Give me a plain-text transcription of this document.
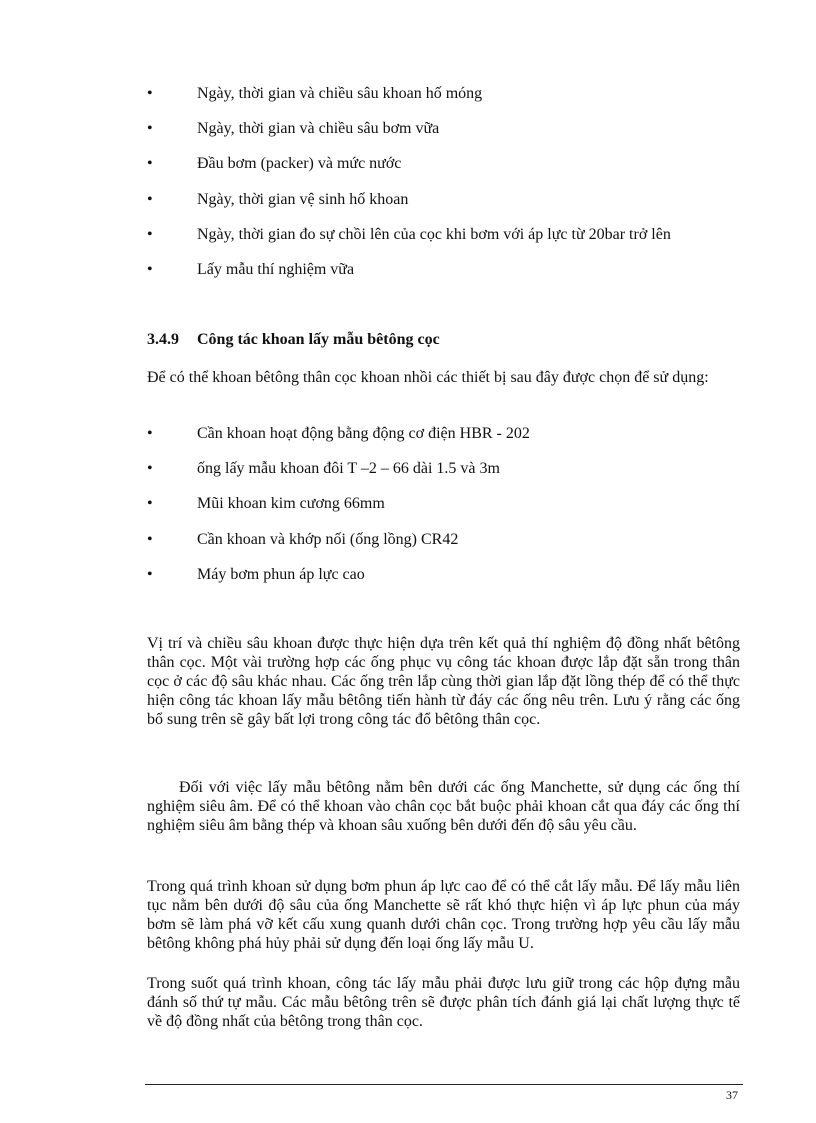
•	Ngày, thời gian và chiều sâu khoan hố móng
•	Ngày, thời gian và chiều sâu bơm vữa
•	Đầu bơm (packer) và mức nước
•	Ngày, thời gian vệ sinh hố khoan
•	Ngày, thời gian đo sự chồi lên của cọc khi bơm với áp lực từ 20bar trở lên
•	Lấy mẫu thí nghiệm vữa
3.4.9 Công tác khoan lấy mẫu bêtông cọc

Để có thể khoan bêtông thân cọc khoan nhồi các thiết bị sau đây được chọn để sử dụng:

•	Cần khoan hoạt động bằng động cơ điện HBR - 202
•	ống lấy mẫu khoan đôi T –2 – 66 dài 1.5 và 3m
•	Mũi khoan kim cương 66mm
•	Cần khoan và khớp nối (ống lồng) CR42
•	Máy bơm phun áp lực cao

Vị trí và chiều sâu khoan được thực hiện dựa trên kết quả thí nghiệm độ đồng nhất bêtông thân cọc. Một vài trường hợp các ống phục vụ công tác khoan được lắp đặt sẵn trong thân cọc ở các độ sâu khác nhau. Các ống trên lắp cùng thời gian lắp đặt lồng thép để có thể thực hiện công tác khoan lấy mẫu bêtông tiến hành từ đáy các ống nêu trên. Lưu ý rằng các ống bổ sung trên sẽ gây bất lợi trong công tác đổ bêtông thân cọc.

Đối với việc lấy mẫu bêtông nằm bên dưới các ống Manchette, sử dụng các ống thí nghiệm siêu âm. Để có thể khoan vào chân cọc bắt buộc phải khoan cắt qua đáy các ống thí nghiệm siêu âm bằng thép và khoan sâu xuống bên dưới đến độ sâu yêu cầu.

Trong quá trình khoan sử dụng bơm phun áp lực cao để có thể cắt lấy mẫu. Để lấy mẫu liên tục nằm bên dưới độ sâu của ống Manchette sẽ rất khó thực hiện vì áp lực phun của máy bơm sẽ làm phá vỡ kết cấu xung quanh dưới chân cọc. Trong trường hợp yêu cầu lấy mẫu bêtông không phá hủy phải sử dụng đến loại ống lấy mẫu U.

Trong suốt quá trình khoan, công tác lấy mẫu phải được lưu giữ trong các hộp đựng mẫu đánh số thứ tự mẫu. Các mẫu bêtông trên sẽ được phân tích đánh giá lại chất lượng thực tế về độ đồng nhất của bêtông trong thân cọc.

37
